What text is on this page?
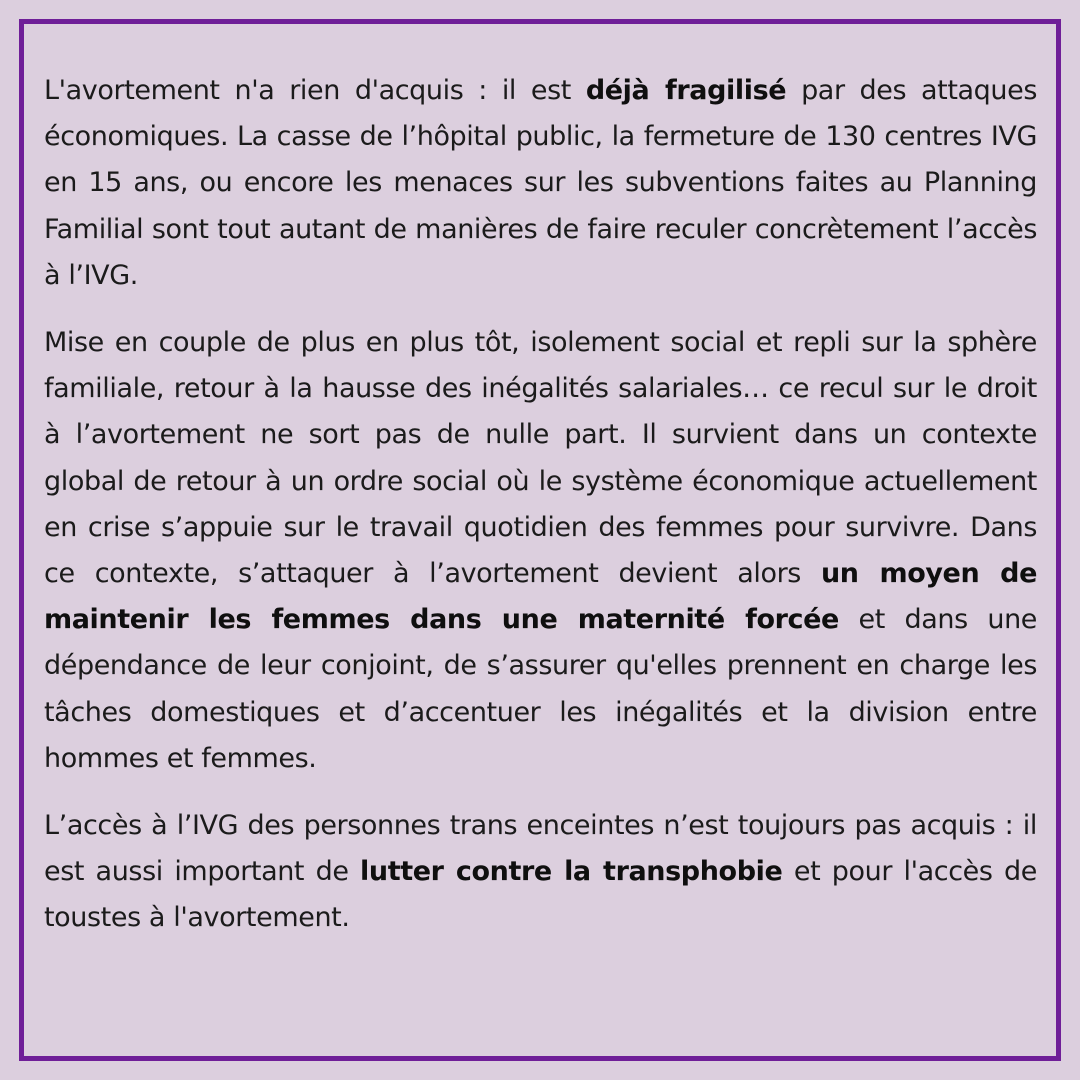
L'avortement n'a rien d'acquis : il est déjà fragilisé par des attaques économiques. La casse de l’hôpital public, la fermeture de 130 centres IVG en 15 ans, ou encore les menaces sur les subventions faites au Planning Familial sont tout autant de manières de faire reculer concrètement l’accès à l’IVG.

Mise en couple de plus en plus tôt, isolement social et repli sur la sphère familiale, retour à la hausse des inégalités salariales… ce recul sur le droit à l’avortement ne sort pas de nulle part. Il survient dans un contexte global de retour à un ordre social où le système économique actuellement en crise s’appuie sur le travail quotidien des femmes pour survivre. Dans ce contexte, s’attaquer à l’avortement devient alors un moyen de maintenir les femmes dans une maternité forcée et dans une dépendance de leur conjoint, de s’assurer qu'elles prennent en charge les tâches domestiques et d’accentuer les inégalités et la division entre hommes et femmes.

L’accès à l’IVG des personnes trans enceintes n’est toujours pas acquis : il est aussi important de lutter contre la transphobie et pour l'accès de toustes à l'avortement.
